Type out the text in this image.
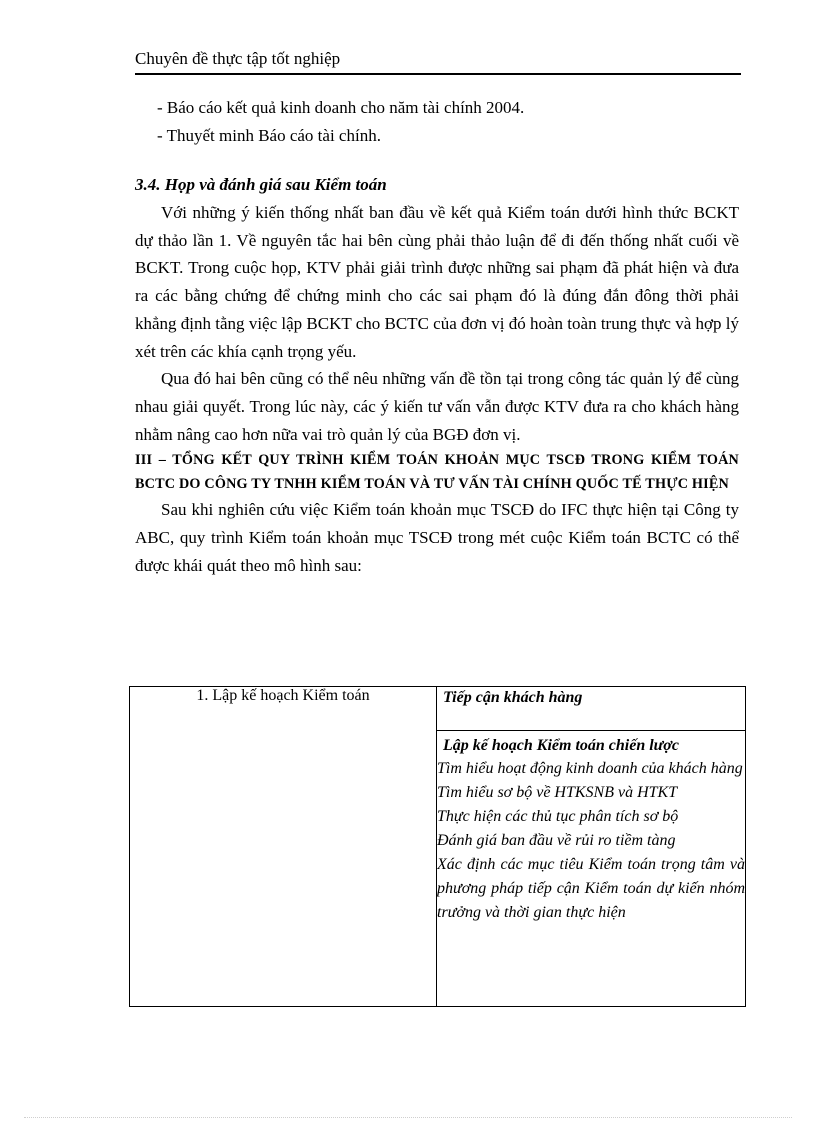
Chuyên đề thực tập tốt nghiệp
- Báo cáo kết quả kinh doanh cho năm tài chính 2004.
- Thuyết minh Báo cáo tài chính.
3.4. Họp và đánh giá sau Kiểm toán

Với những ý kiến thống nhất ban đầu về kết quả Kiểm toán dưới hình thức BCKT dự thảo lần 1. Về nguyên tắc hai bên cùng phải thảo luận để đi đến thống nhất cuối về BCKT. Trong cuộc họp, KTV phải giải trình được những sai phạm đã phát hiện và đưa ra các bằng chứng để chứng minh cho các sai phạm đó là đúng đắn đông thời phải khẳng định tằng việc lập BCKT cho BCTC của đơn vị đó hoàn toàn trung thực và hợp lý xét trên các khía cạnh trọng yếu.

Qua đó hai bên cũng có thể nêu những vấn đề tồn tại trong công tác quản lý để cùng nhau giải quyết. Trong lúc này, các ý kiến tư vấn vẫn được KTV đưa ra cho khách hàng nhằm nâng cao hơn nữa vai trò quản lý của BGĐ đơn vị.

III – TỔNG KẾT QUY TRÌNH KIỂM TOÁN KHOẢN MỤC TSCĐ TRONG KIỂM TOÁN BCTC DO CÔNG TY TNHH KIỂM TOÁN VÀ TƯ VẤN TÀI CHÍNH QUỐC TẾ THỰC HIỆN

Sau khi nghiên cứu việc Kiểm toán khoản mục TSCĐ do IFC thực hiện tại Công ty ABC, quy trình Kiểm toán khoản mục TSCĐ trong mét cuộc Kiểm toán BCTC có thể được khái quát theo mô hình sau:

1. Lập kế hoạch Kiểm toán	Tiếp cận khách hàng

Lập kế hoạch Kiểm toán chiến lược
Tìm hiểu hoạt động kinh doanh của khách hàng
Tìm hiểu sơ bộ về HTKSNB và HTKT
Thực hiện các thủ tục phân tích sơ bộ
Đánh giá ban đầu về rủi ro tiềm tàng
Xác định các mục tiêu Kiểm toán trọng tâm và phương pháp tiếp cận Kiểm toán dự kiến nhóm trưởng và thời gian thực hiện
